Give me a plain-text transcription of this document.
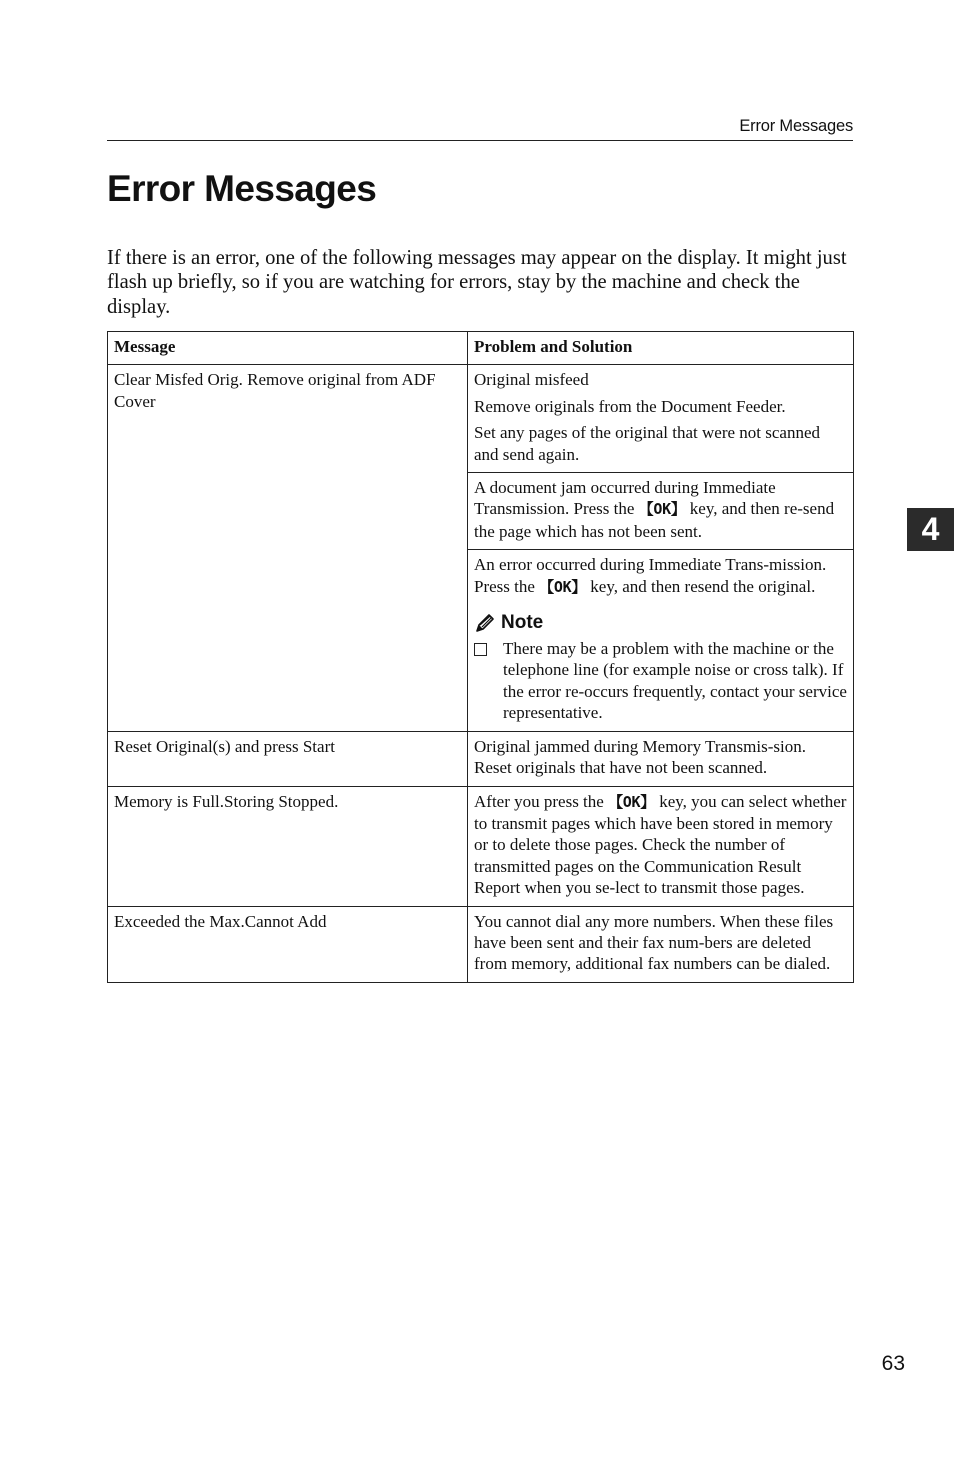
Error Messages
Error Messages

If there is an error, one of the following messages may appear on the display. It might just flash up briefly, so if you are watching for errors, stay by the machine and check the display.

Message	Problem and Solution
Clear Misfed Orig. Remove original from ADF Cover	Original misfeed

Remove originals from the Document Feeder.

Set any pages of the original that were not scanned and send again.

	A document jam occurred during Immediate Transmission. Press the 【OK】 key, and then re-send the page which has not been sent.

	An error occurred during Immediate Trans-mission. Press the 【OK】 key, and then resend the original.
Note
There may be a problem with the machine or the telephone line (for example noise or cross talk). If the error re-occurs frequently, contact your service representative.

Reset Original(s) and press Start	Original jammed during Memory Transmis-sion. Reset originals that have not been scanned.
Memory is Full.Storing Stopped.	After you press the 【OK】 key, you can select whether to transmit pages which have been stored in memory or to delete those pages. Check the number of transmitted pages on the Communication Result Report when you se-lect to transmit those pages.
Exceeded the Max.Cannot Add	You cannot dial any more numbers. When these files have been sent and their fax num-bers are deleted from memory, additional fax numbers can be dialed.
4
63
